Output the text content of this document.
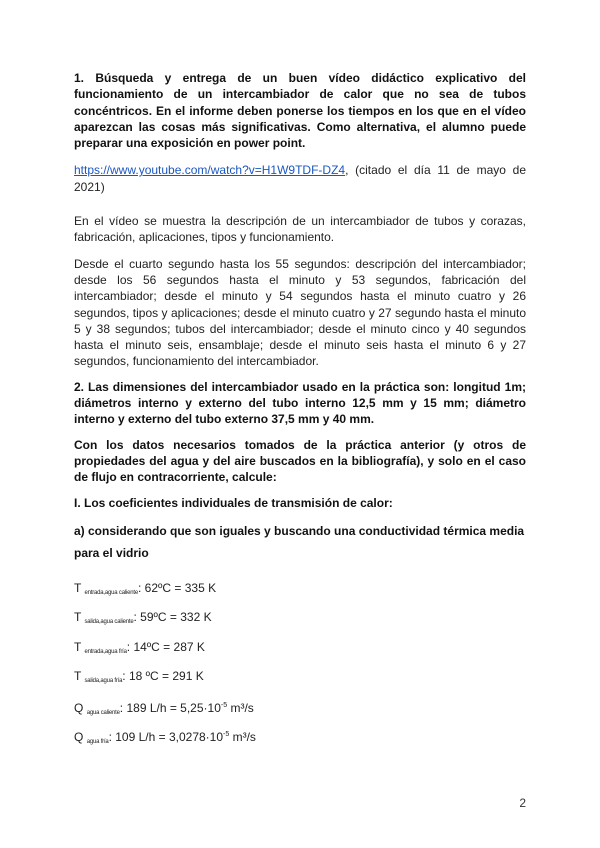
1. Búsqueda y entrega de un buen vídeo didáctico explicativo del funcionamiento de un intercambiador de calor que no sea de tubos concéntricos. En el informe deben ponerse los tiempos en los que en el vídeo aparezcan las cosas más significativas. Como alternativa, el alumno puede preparar una exposición en power point.

https://www.youtube.com/watch?v=H1W9TDF-DZ4, (citado el día 11 de mayo de 2021)

En el vídeo se muestra la descripción de un intercambiador de tubos y corazas, fabricación, aplicaciones, tipos y funcionamiento.

Desde el cuarto segundo hasta los 55 segundos: descripción del intercambiador; desde los 56 segundos hasta el minuto y 53 segundos, fabricación del intercambiador; desde el minuto y 54 segundos hasta el minuto cuatro y 26 segundos, tipos y aplicaciones; desde el minuto cuatro y 27 segundo hasta el minuto 5 y 38 segundos; tubos del intercambiador; desde el minuto cinco y 40 segundos hasta el minuto seis, ensamblaje; desde el minuto seis hasta el minuto 6 y 27 segundos, funcionamiento del intercambiador.

2. Las dimensiones del intercambiador usado en la práctica son: longitud 1m; diámetros interno y externo del tubo interno 12,5 mm y 15 mm; diámetro interno y externo del tubo externo 37,5 mm y 40 mm.

Con los datos necesarios tomados de la práctica anterior (y otros de propiedades del agua y del aire buscados en la bibliografía), y solo en el caso de flujo en contracorriente, calcule:

I. Los coeficientes individuales de transmisión de calor:

a) considerando que son iguales y buscando una conductividad térmica media para el vidrio

T $_{entrada,agua caliente}$: 62ºC = 335 K
T $_{salida,agua caliente}$: 59ºC = 332 K
T $_{entrada,agua fría}$: 14ºC = 287 K
T $_{salida,agua fría}$: 18 ºC = 291 K
Q $_{agua caliente}$: 189 $L/h = 5,25\cdot 10^{-5}$ m³/s
Q $_{agua fría}$: 109 $L/h = 3,0278\cdot 10^{-5}$ m³/s
2
